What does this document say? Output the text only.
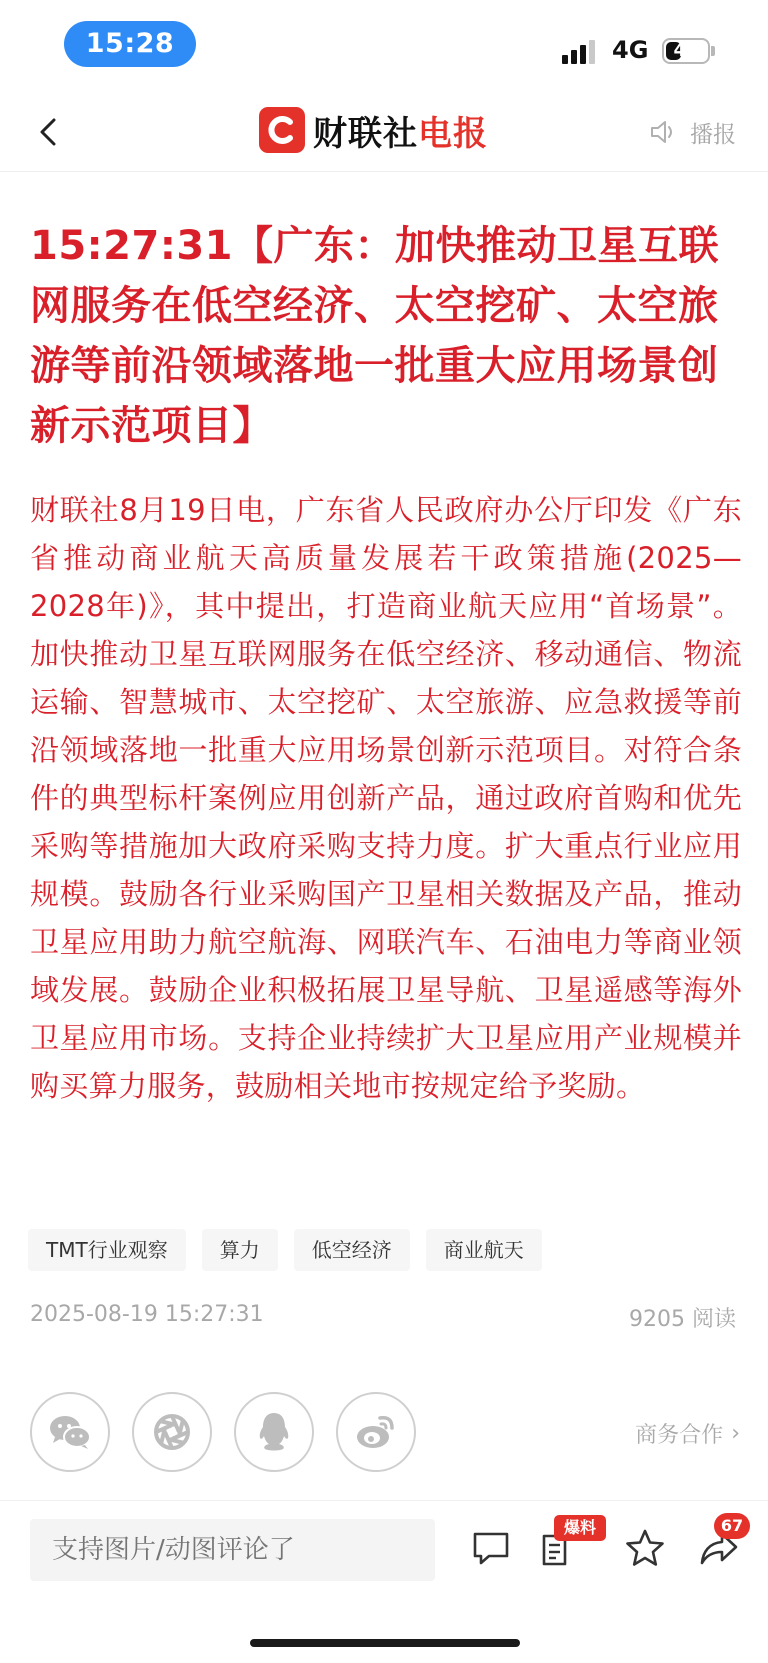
15:28	4G	43
财联社 电报	播报
15:27:31【广东：加快推动卫星互联网服务在低空经济、太空挖矿、太空旅游等前沿领域落地一批重大应用场景创新示范项目】
财联社8月19日电，广东省人民政府办公厅印发《广东省推动商业航天高质量发展若干政策措施(2025—2028年)》，其中提出，打造商业航天应用“首场景”。加快推动卫星互联网服务在低空经济、移动通信、物流运输、智慧城市、太空挖矿、太空旅游、应急救援等前沿领域落地一批重大应用场景创新示范项目。对符合条件的典型标杆案例应用创新产品，通过政府首购和优先采购等措施加大政府采购支持力度。扩大重点行业应用规模。鼓励各行业采购国产卫星相关数据及产品，推动卫星应用助力航空航海、网联汽车、石油电力等商业领域发展。鼓励企业积极拓展卫星导航、卫星遥感等海外卫星应用市场。支持企业持续扩大卫星应用产业规模并购买算力服务，鼓励相关地市按规定给予奖励。
TMT行业观察	算力	低空经济	商业航天
2025-08-19 15:27:31	9205 阅读
商务合作 ›
支持图片/动图评论了
爆料	67
